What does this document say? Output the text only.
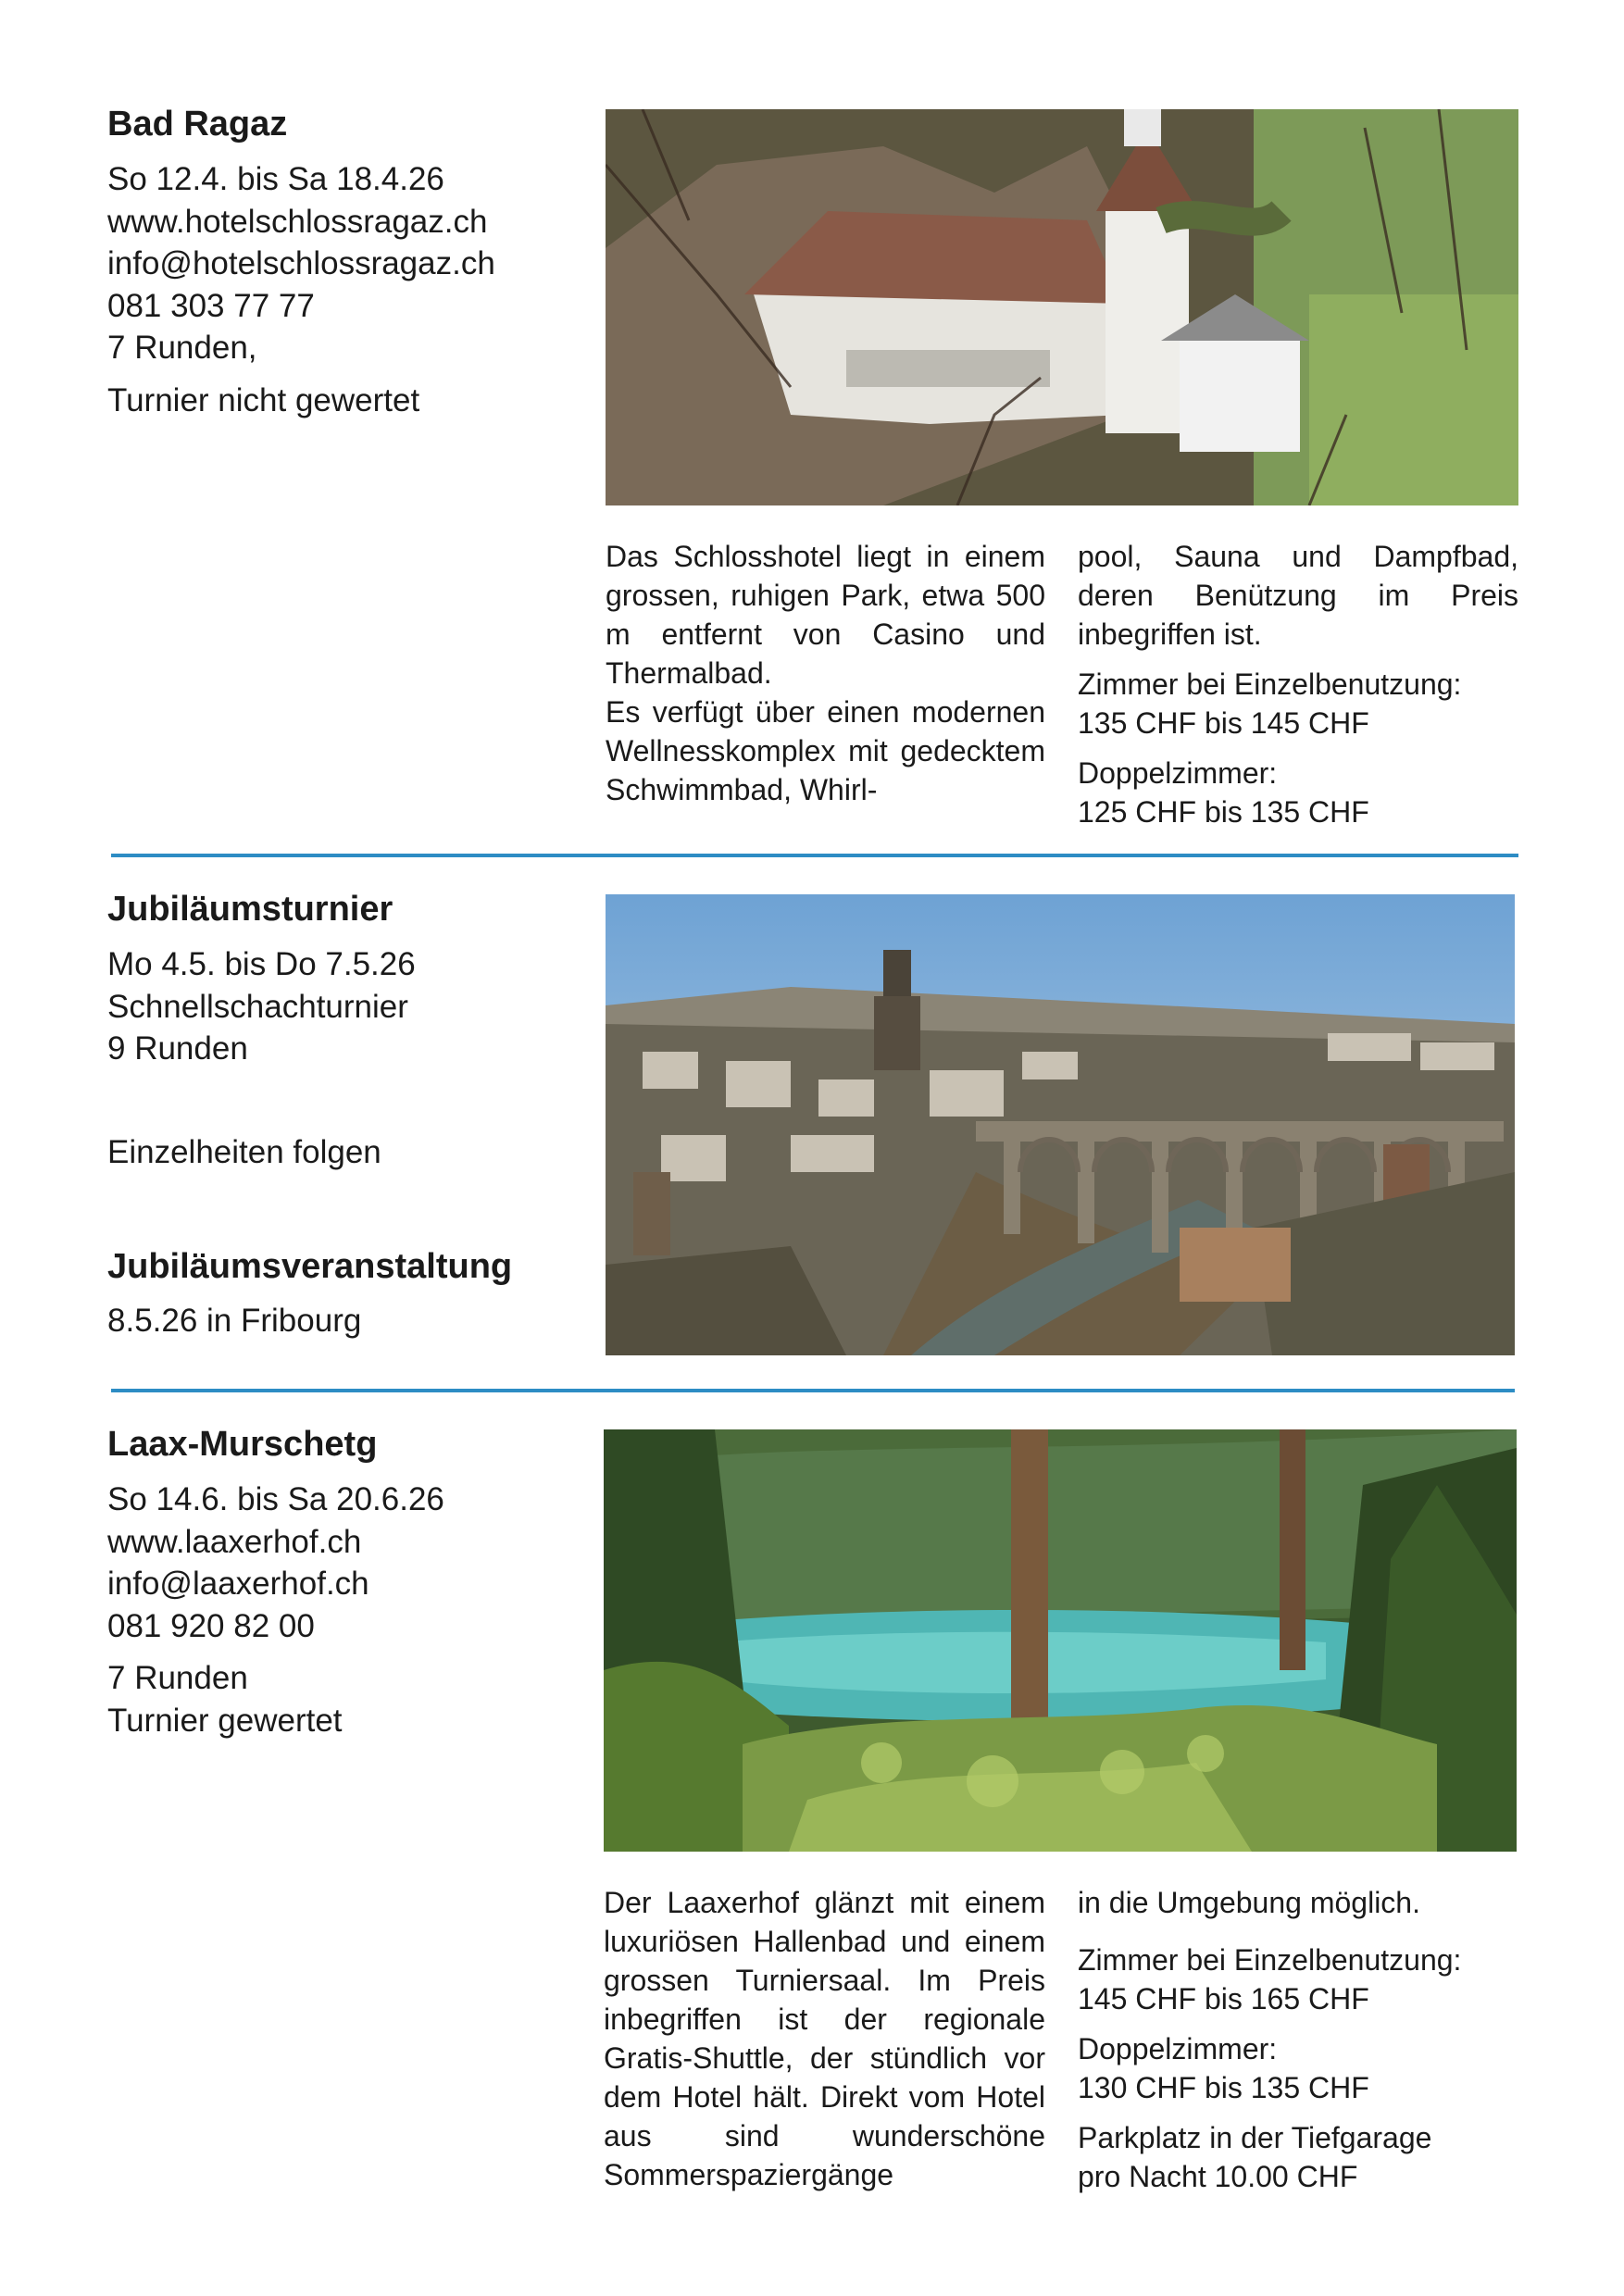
Bad Ragaz
So 12.4. bis Sa 18.4.26
www.hotelschlossragaz.ch
info@hotelschlossragaz.ch
081 303 77 77
7 Runden,
Turnier nicht gewertet

Das Schlosshotel liegt in einem grossen, ruhigen Park, etwa 500 m entfernt von Casino und Thermalbad.

Es verfügt über einen modernen Wellnesskomplex mit gedecktem Schwimmbad, Whirl-

pool, Sauna und Dampfbad, deren Benützung im Preis inbegriffen ist.

Zimmer bei Einzelbenutzung:

135 CHF bis 145 CHF

Doppelzimmer:

125 CHF bis 135 CHF

Jubiläumsturnier
Mo 4.5. bis Do 7.5.26
Schnellschachturnier
9 Runden
Einzelheiten folgen
Jubiläumsveranstaltung
8.5.26 in Fribourg
Laax-Murschetg
So 14.6. bis Sa 20.6.26
www.laaxerhof.ch
info@laaxerhof.ch
081 920 82 00
7 Runden
Turnier gewertet

Der Laaxerhof glänzt mit einem luxuriösen Hallenbad und einem grossen Turniersaal. Im Preis inbegriffen ist der regionale Gratis-Shuttle, der stündlich vor dem Hotel hält. Direkt vom Hotel aus sind wunderschöne Sommerspaziergänge

in die Umgebung möglich.

Zimmer bei Einzelbenutzung:

145 CHF bis 165 CHF

Doppelzimmer:

130 CHF bis 135 CHF

Parkplatz in der Tiefgarage

pro Nacht 10.00 CHF
